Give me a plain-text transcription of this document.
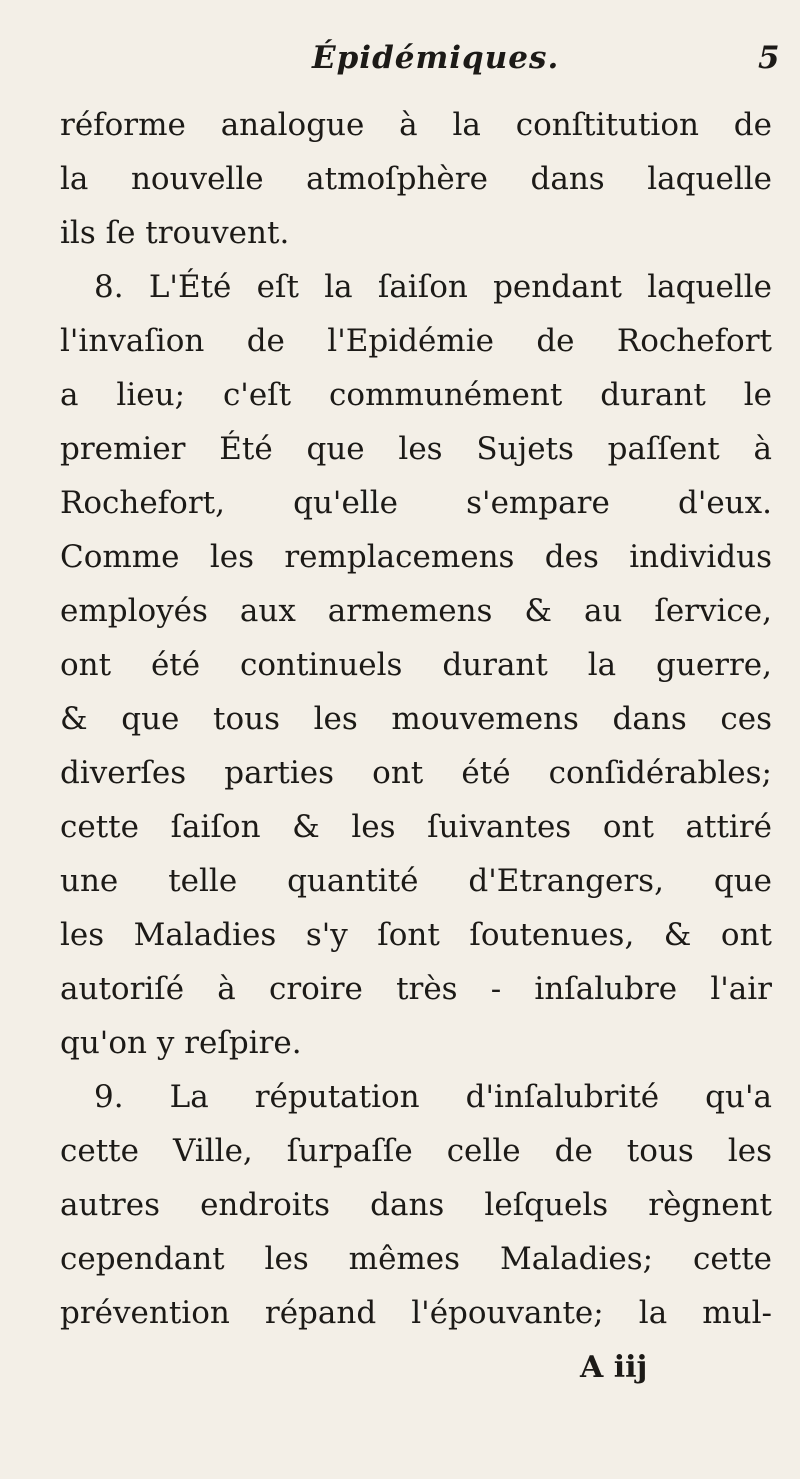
Épidémiques.	5
réforme analogue à la conſtitution de
la nouvelle atmoſphère dans laquelle
ils ſe trouvent.
8. L'Été eſt la ſaiſon pendant laquelle
l'invaſion de l'Epidémie de Rochefort
a lieu; c'eſt communément durant le
premier Été que les Sujets paſſent à
Rochefort, qu'elle s'empare d'eux.
Comme les remplacemens des individus
employés aux armemens & au ſervice,
ont été continuels durant la guerre,
& que tous les mouvemens dans ces
diverſes parties ont été conſidérables;
cette ſaiſon & les ſuivantes ont attiré
une telle quantité d'Etrangers, que
les Maladies s'y ſont ſoutenues, & ont
autoriſé à croire très - inſalubre l'air
qu'on y reſpire.
9. La réputation d'inſalubrité qu'a
cette Ville, ſurpaſſe celle de tous les
autres endroits dans leſquels règnent
cependant les mêmes Maladies; cette
prévention répand l'épouvante; la mul-
A iij
